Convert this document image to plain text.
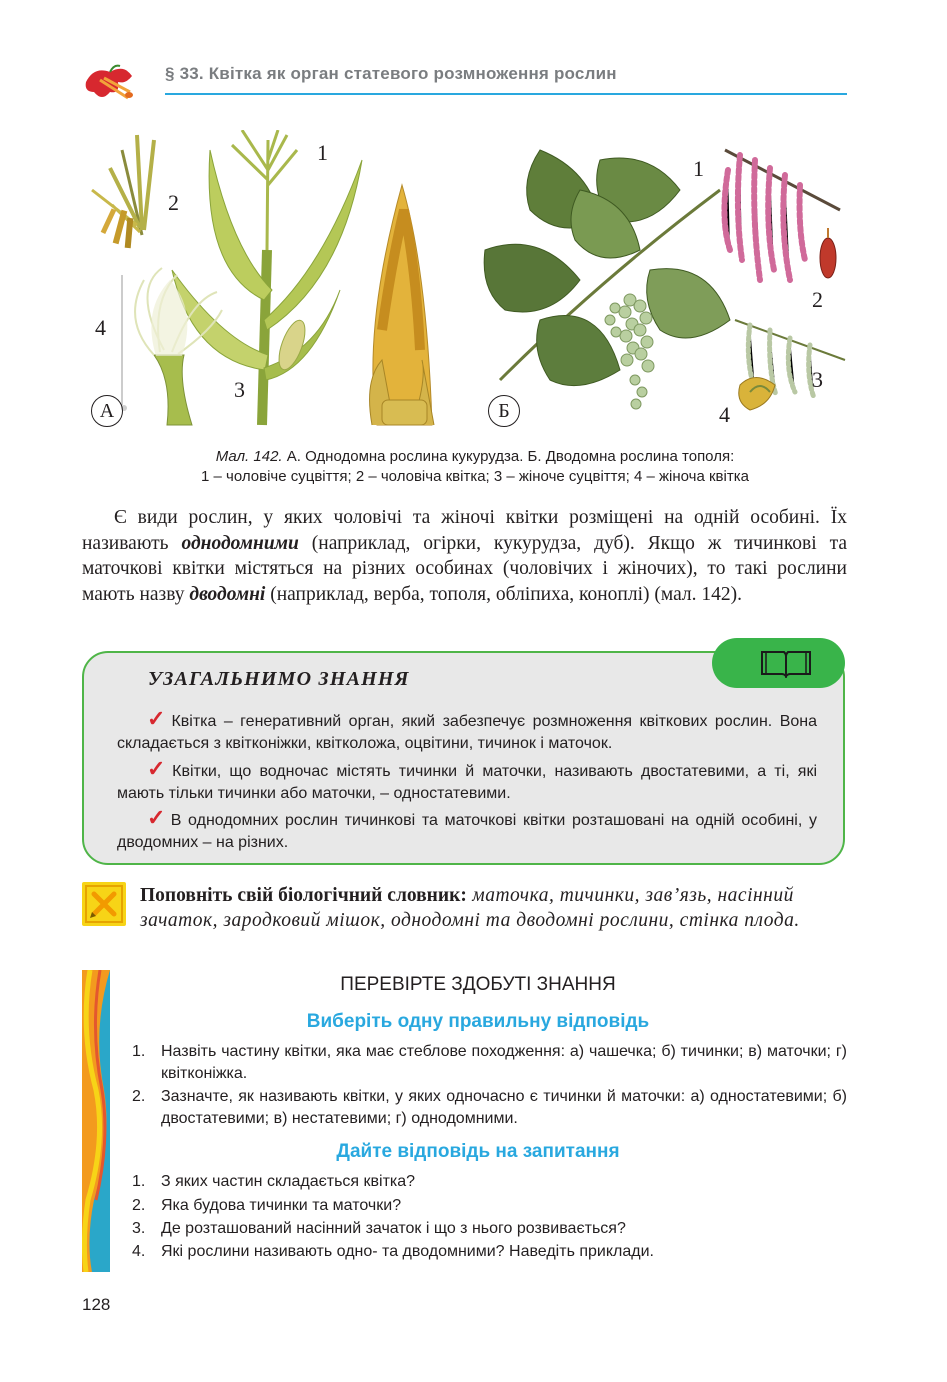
§ 33. Квітка як орган статевого розмноження рослин
1
2
4
3
А
1
2
3
4
Б
Мал. 142. А. Однодомна рослина кукурудза. Б. Дводомна рослина тополя:
1 – чоловіче суцвіття; 2 – чоловіча квітка; 3 – жіноче суцвіття; 4 – жіноча квітка
Є види рослин, у яких чоловічі та жіночі квітки розміщені на одній особині. Їх називають однодомними (наприклад, огірки, кукурудза, дуб). Якщо ж тичинкові та маточкові квітки містяться на різних особинах (чоловічих і жіночих), то такі рослини мають назву дводомні (наприклад, верба, тополя, обліпиха, коноплі) (мал. 142).
УЗАГАЛЬНИМО ЗНАННЯ
✓ Квітка – генеративний орган, який забезпечує розмноження квіткових рослин. Вона складається з квітконіжки, квітколожа, оцвітини, тичинок і маточок.
✓ Квітки, що водночас містять тичинки й маточки, називають двостатевими, а ті, які мають тільки тичинки або маточки, – одностатевими.
✓ В однодомних рослин тичинкові та маточкові квітки розташовані на одній особині, у дводомних – на різних.
Поповніть свій біологічний словник: маточка, тичинки, зав’язь, насінний зачаток, зародковий мішок, однодомні та дводомні рослини, стінка плода.
ПЕРЕВІРТЕ ЗДОБУТІ ЗНАННЯ
Виберіть одну правильну відповідь
1. Назвіть частину квітки, яка має стеблове походження: а) чашечка; б) тичинки; в) маточки; г) квітконіжка.
2. Зазначте, як називають квітки, у яких одночасно є тичинки й маточки: а) одностатевими; б) двостатевими; в) нестатевими; г) однодомними.
Дайте відповідь на запитання
1. З яких частин складається квітка?
2. Яка будова тичинки та маточки?
3. Де розташований насінний зачаток і що з нього розвивається?
4. Які рослини називають одно- та дводомними? Наведіть приклади.
128
